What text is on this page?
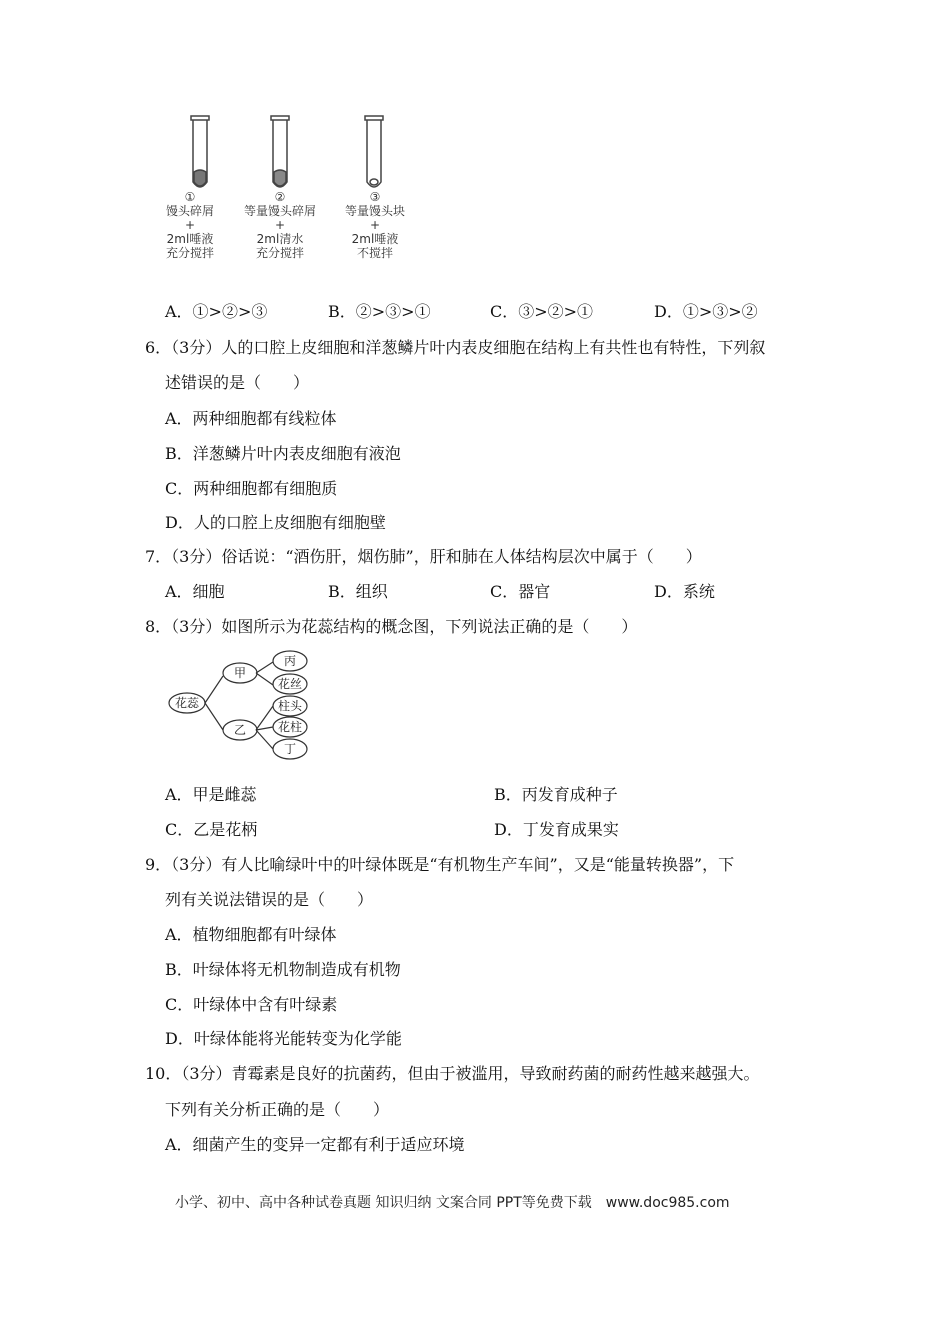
①
馒头碎屑
+
2ml唾液
充分搅拌
②
等量馒头碎屑
+
2ml清水
充分搅拌
③
等量馒头块
+
2ml唾液
不搅拌
A．①>②>③	B．②>③>①	C．③>②>①	D．①>③>②
6．（3分）人的口腔上皮细胞和洋葱鳞片叶内表皮细胞在结构上有共性也有特性，下列叙
述错误的是（　　）
A．两种细胞都有线粒体
B．洋葱鳞片叶内表皮细胞有液泡
C．两种细胞都有细胞质
D．人的口腔上皮细胞有细胞壁
7．（3分）俗话说：“酒伤肝，烟伤肺”，肝和肺在人体结构层次中属于（　　）
A．细胞	B．组织	C．器官	D．系统
8．（3分）如图所示为花蕊结构的概念图，下列说法正确的是（　　）
花蕊
甲
乙
丙
花丝
柱头
花柱
丁
A．甲是雌蕊	B．丙发育成种子
C．乙是花柄	D．丁发育成果实
9．（3分）有人比喻绿叶中的叶绿体既是“有机物生产车间”，又是“能量转换器”，下
列有关说法错误的是（　　）
A．植物细胞都有叶绿体
B．叶绿体将无机物制造成有机物
C．叶绿体中含有叶绿素
D．叶绿体能将光能转变为化学能
10．（3分）青霉素是良好的抗菌药，但由于被滥用，导致耐药菌的耐药性越来越强大。
下列有关分析正确的是（　　）
A．细菌产生的变异一定都有利于适应环境
小学、初中、高中各种试卷真题 知识归纳 文案合同 PPT等免费下载　www.doc985.com
